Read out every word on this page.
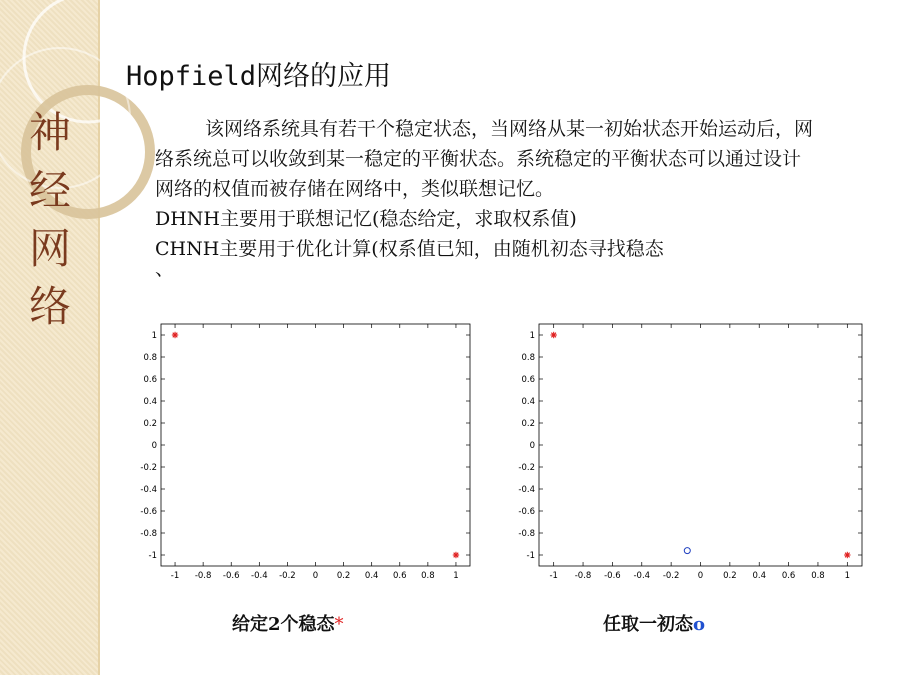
神
经
网
络
Hopfield网络的应用

该网络系统具有若干个稳定状态，当网络从某一初始状态开始运动后，网络系统总可以收敛到某一稳定的平衡状态。系统稳定的平衡状态可以通过设计网络的权值而被存储在网络中，类似联想记忆。

DHNH主要用于联想记忆(稳态给定，求取权系值)

CHNH主要用于优化计算(权系值已知，由随机初态寻找稳态

、

-1 -0.8 -0.6 -0.4 -0.2 0 0.2 0.4 0.6 0.8 1
-1
-0.8
-0.6
-0.4
-0.2
0
0.2
0.4
0.6
0.8
1
-1 -0.8 -0.6 -0.4 -0.2 0 0.2 0.4 0.6 0.8 1
-1
-0.8
-0.6
-0.4
-0.2
0
0.2
0.4
0.6
0.8
1
给定2个稳态*	任取一初态o
